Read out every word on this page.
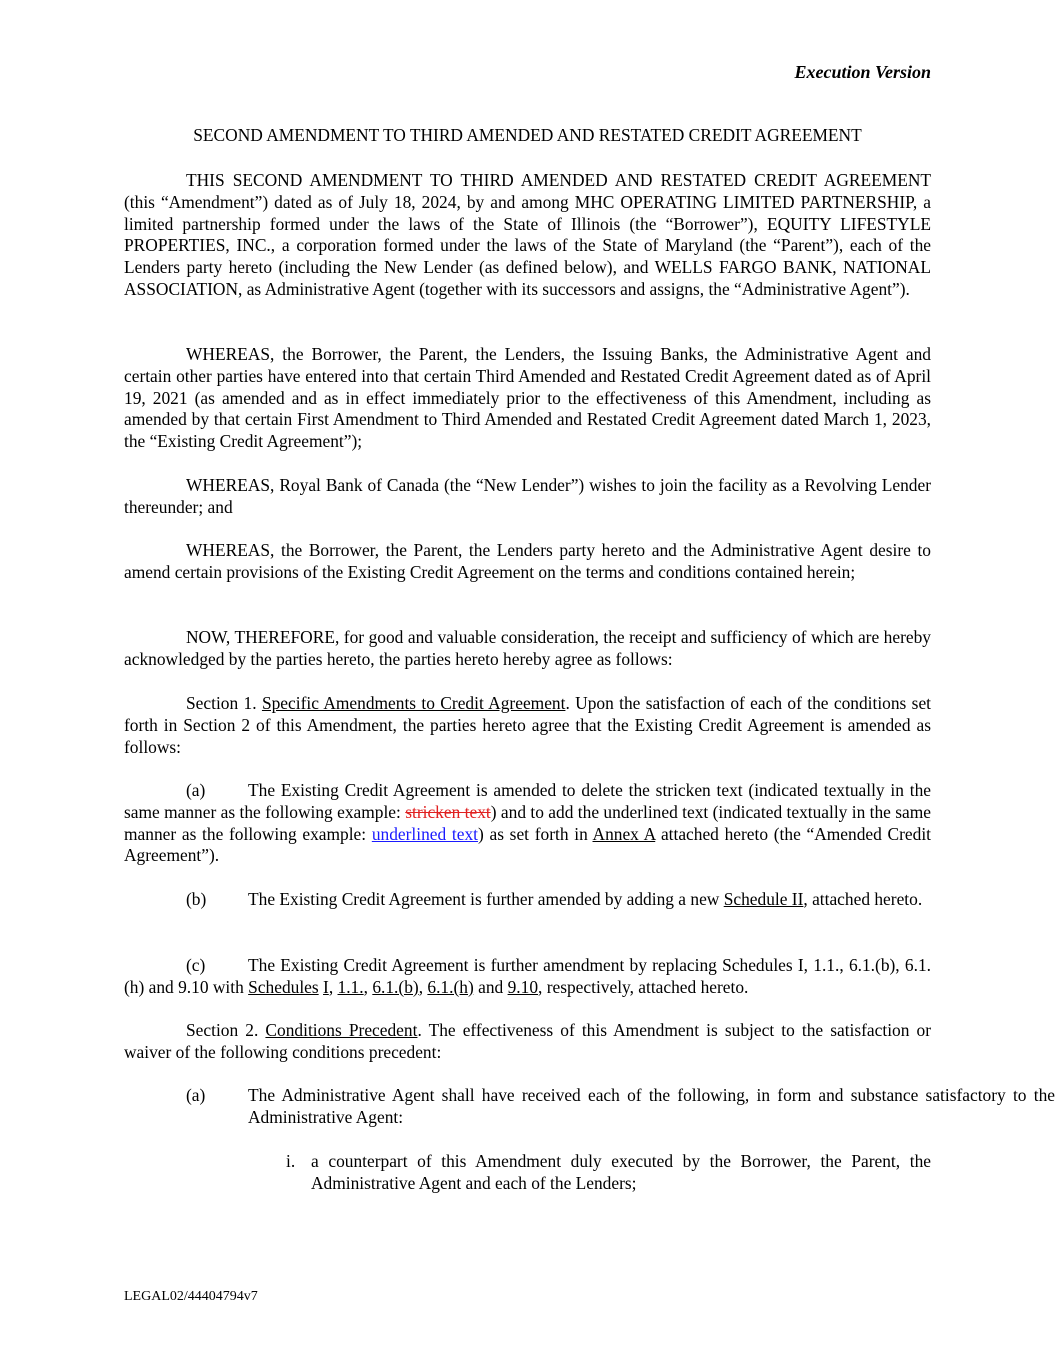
Execution Version
SECOND AMENDMENT TO THIRD AMENDED AND RESTATED CREDIT AGREEMENT

THIS SECOND AMENDMENT TO THIRD AMENDED AND RESTATED CREDIT AGREEMENT (this “Amendment”) dated as of July 18, 2024, by and among MHC OPERATING LIMITED PARTNERSHIP, a limited partnership formed under the laws of the State of Illinois (the “Borrower”), EQUITY LIFESTYLE PROPERTIES, INC., a corporation formed under the laws of the State of Maryland (the “Parent”), each of the Lenders party hereto (including the New Lender (as defined below), and WELLS FARGO BANK, NATIONAL ASSOCIATION, as Administrative Agent (together with its successors and assigns, the “Administrative Agent”).

WHEREAS, the Borrower, the Parent, the Lenders, the Issuing Banks, the Administrative Agent and certain other parties have entered into that certain Third Amended and Restated Credit Agreement dated as of April 19, 2021 (as amended and as in effect immediately prior to the effectiveness of this Amendment, including as amended by that certain First Amendment to Third Amended and Restated Credit Agreement dated March 1, 2023, the “Existing Credit Agreement”);

WHEREAS, Royal Bank of Canada (the “New Lender”) wishes to join the facility as a Revolving Lender thereunder; and

WHEREAS, the Borrower, the Parent, the Lenders party hereto and the Administrative Agent desire to amend certain provisions of the Existing Credit Agreement on the terms and conditions contained herein;

NOW, THEREFORE, for good and valuable consideration, the receipt and sufficiency of which are hereby acknowledged by the parties hereto, the parties hereto hereby agree as follows:

Section 1. Specific Amendments to Credit Agreement. Upon the satisfaction of each of the conditions set forth in Section 2 of this Amendment, the parties hereto agree that the Existing Credit Agreement is amended as follows:

(a) The Existing Credit Agreement is amended to delete the stricken text (indicated textually in the same manner as the following example: stricken text) and to add the underlined text (indicated textually in the same manner as the following example: underlined text) as set forth in Annex A attached hereto (the “Amended Credit Agreement”).

(b) The Existing Credit Agreement is further amended by adding a new Schedule II, attached hereto.

(c) The Existing Credit Agreement is further amendment by replacing Schedules I, 1.1., 6.1.(b), 6.1.(h) and 9.10 with Schedules I, 1.1., 6.1.(b), 6.1.(h) and 9.10, respectively, attached hereto.

Section 2. Conditions Precedent. The effectiveness of this Amendment is subject to the satisfaction or waiver of the following conditions precedent:

(a) The Administrative Agent shall have received each of the following, in form and substance satisfactory to the Administrative Agent:

i. a counterpart of this Amendment duly executed by the Borrower, the Parent, the Administrative Agent and each of the Lenders;

LEGAL02/44404794v7
